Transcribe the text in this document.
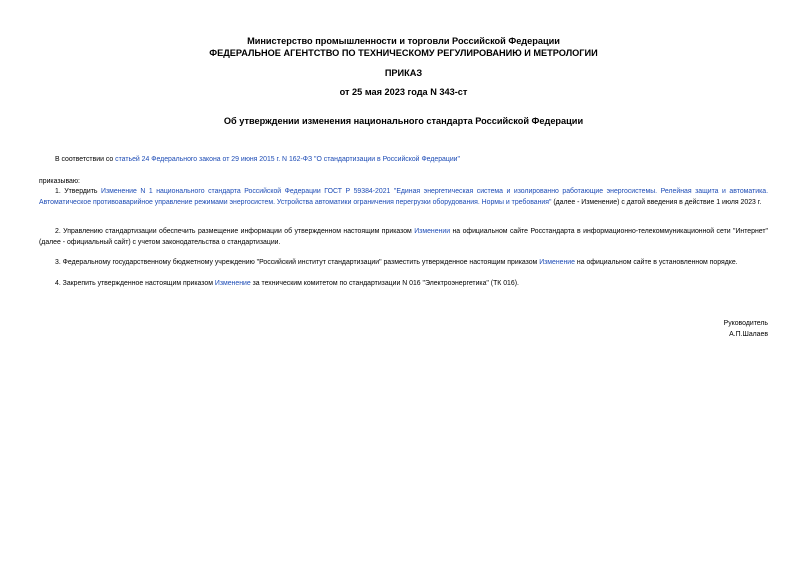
Министерство промышленности и торговли Российской Федерации
ФЕДЕРАЛЬНОЕ АГЕНТСТВО ПО ТЕХНИЧЕСКОМУ РЕГУЛИРОВАНИЮ И МЕТРОЛОГИИ
ПРИКАЗ
от 25 мая 2023 года N 343-ст
Об утверждении изменения национального стандарта Российской Федерации
В соответствии со статьей 24 Федерального закона от 29 июня 2015 г. N 162-ФЗ "О стандартизации в Российской Федерации"
приказываю:
1. Утвердить Изменение N 1 национального стандарта Российской Федерации ГОСТ Р 59384-2021 "Единая энергетическая система и изолированно работающие энергосистемы. Релейная защита и автоматика. Автоматическое противоаварийное управление режимами энергосистем. Устройства автоматики ограничения перегрузки оборудования. Нормы и требования" (далее - Изменение) с датой введения в действие 1 июля 2023 г.
2. Управлению стандартизации обеспечить размещение информации об утвержденном настоящим приказом Изменении на официальном сайте Росстандарта в информационно-телекоммуникационной сети "Интернет" (далее - официальный сайт) с учетом законодательства о стандартизации.
3. Федеральному государственному бюджетному учреждению "Российский институт стандартизации" разместить утвержденное настоящим приказом Изменение на официальном сайте в установленном порядке.
4. Закрепить утвержденное настоящим приказом Изменение за техническим комитетом по стандартизации N 016 "Электроэнергетика" (ТК 016).
Руководитель
А.П.Шалаев
